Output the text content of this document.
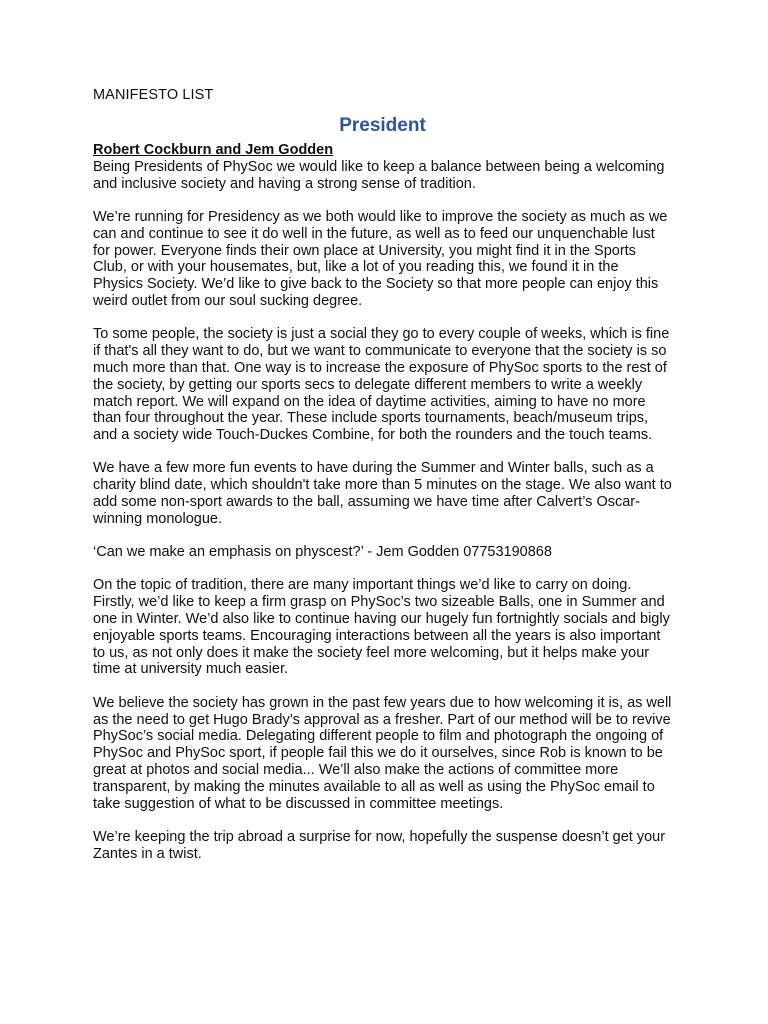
MANIFESTO LIST
President
Robert Cockburn and Jem Godden

Being Presidents of PhySoc we would like to keep a balance between being a welcoming and inclusive society and having a strong sense of tradition.

We’re running for Presidency as we both would like to improve the society as much as we can and continue to see it do well in the future, as well as to feed our unquenchable lust for power. Everyone finds their own place at University, you might find it in the Sports Club, or with your housemates, but, like a lot of you reading this, we found it in the Physics Society. We’d like to give back to the Society so that more people can enjoy this weird outlet from our soul sucking degree.

To some people, the society is just a social they go to every couple of weeks, which is fine if that's all they want to do, but we want to communicate to everyone that the society is so much more than that. One way is to increase the exposure of PhySoc sports to the rest of the society, by getting our sports secs to delegate different members to write a weekly match report. We will expand on the idea of daytime activities, aiming to have no more than four throughout the year. These include sports tournaments, beach/museum trips, and a society wide Touch-Duckes Combine, for both the rounders and the touch teams.

We have a few more fun events to have during the Summer and Winter balls, such as a charity blind date, which shouldn't take more than 5 minutes on the stage. We also want to add some non-sport awards to the ball, assuming we have time after Calvert’s Oscar-winning monologue.

‘Can we make an emphasis on physcest?’ - Jem Godden 07753190868

On the topic of tradition, there are many important things we’d like to carry on doing. Firstly, we’d like to keep a firm grasp on PhySoc’s two sizeable Balls, one in Summer and one in Winter. We’d also like to continue having our hugely fun fortnightly socials and bigly enjoyable sports teams. Encouraging interactions between all the years is also important to us, as not only does it make the society feel more welcoming, but it helps make your time at university much easier.

We believe the society has grown in the past few years due to how welcoming it is, as well as the need to get Hugo Brady’s approval as a fresher. Part of our method will be to revive PhySoc’s social media. Delegating different people to film and photograph the ongoing of PhySoc and PhySoc sport, if people fail this we do it ourselves, since Rob is known to be great at photos and social media... We’ll also make the actions of committee more transparent, by making the minutes available to all as well as using the PhySoc email to take suggestion of what to be discussed in committee meetings.

We’re keeping the trip abroad a surprise for now, hopefully the suspense doesn’t get your Zantes in a twist.
